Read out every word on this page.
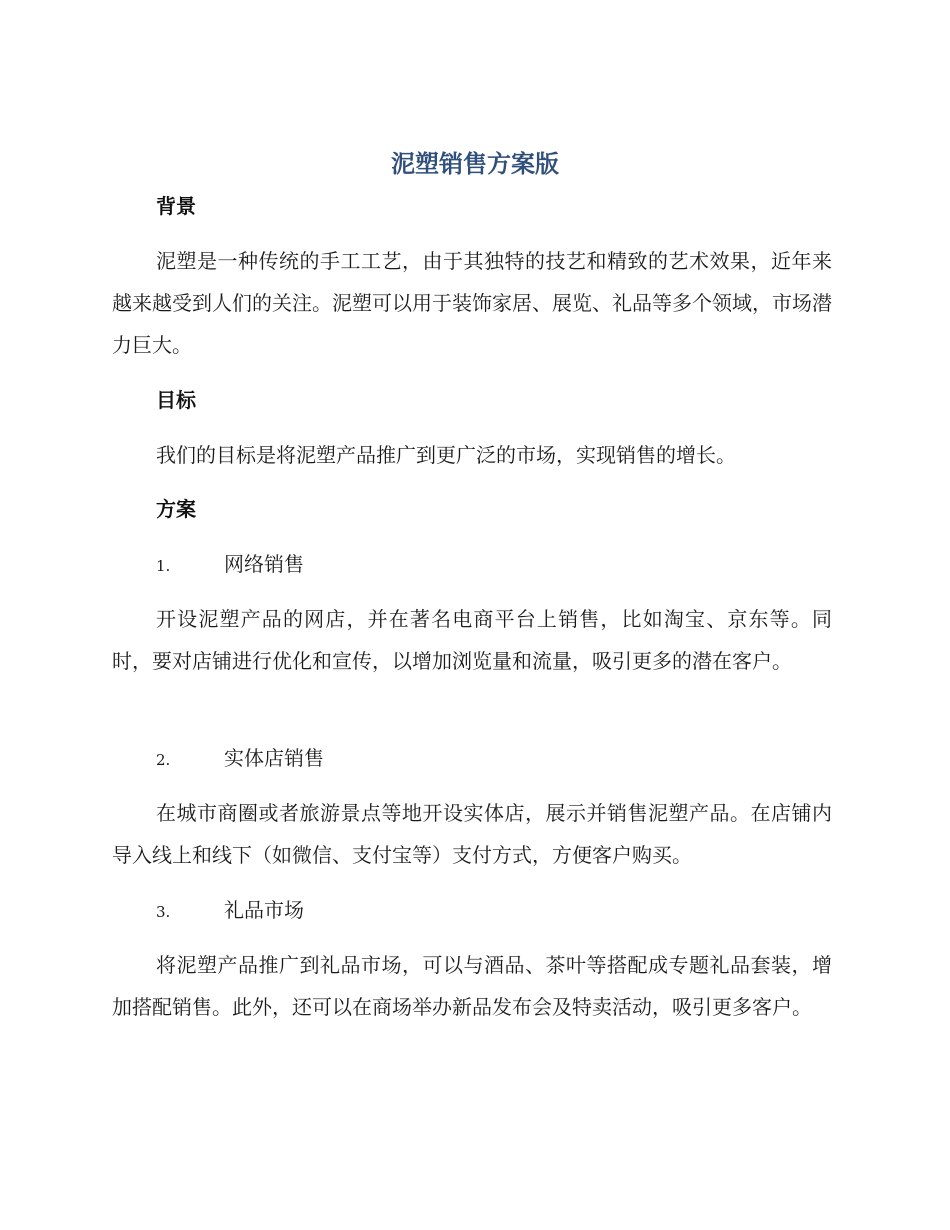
泥塑销售方案版
背景
泥塑是一种传统的手工工艺，由于其独特的技艺和精致的艺术效果，近年来越来越受到人们的关注。泥塑可以用于装饰家居、展览、礼品等多个领域，市场潜力巨大。
目标
我们的目标是将泥塑产品推广到更广泛的市场，实现销售的增长。
方案
1.	网络销售
开设泥塑产品的网店，并在著名电商平台上销售，比如淘宝、京东等。同时，要对店铺进行优化和宣传，以增加浏览量和流量，吸引更多的潜在客户。
2.	实体店销售
在城市商圈或者旅游景点等地开设实体店，展示并销售泥塑产品。在店铺内导入线上和线下（如微信、支付宝等）支付方式，方便客户购买。
3.	礼品市场
将泥塑产品推广到礼品市场，可以与酒品、茶叶等搭配成专题礼品套装，增加搭配销售。此外，还可以在商场举办新品发布会及特卖活动，吸引更多客户。
